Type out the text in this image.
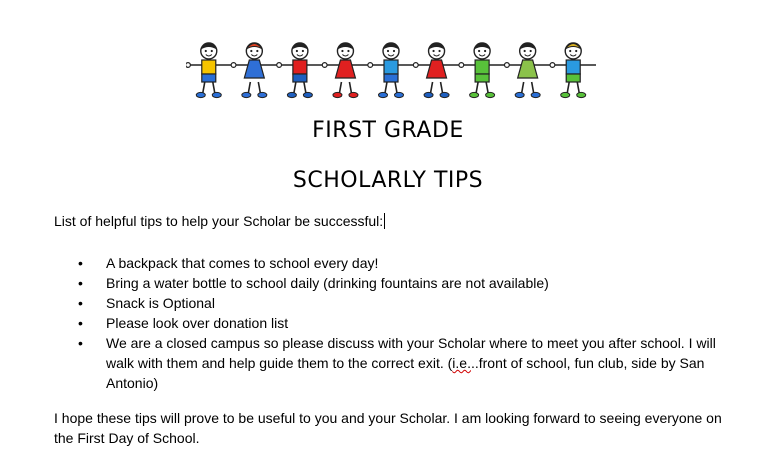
FIRST GRADE
SCHOLARLY TIPS
List of helpful tips to help your Scholar be successful:
• A backpack that comes to school every day!
• Bring a water bottle to school daily (drinking fountains are not available)
• Snack is Optional
• Please look over donation list
• We are a closed campus so please discuss with your Scholar where to meet you after school. I will walk with them and help guide them to the correct exit. (i.e...front of school, fun club, side by San Antonio)
I hope these tips will prove to be useful to you and your Scholar. I am looking forward to seeing everyone on the First Day of School.
